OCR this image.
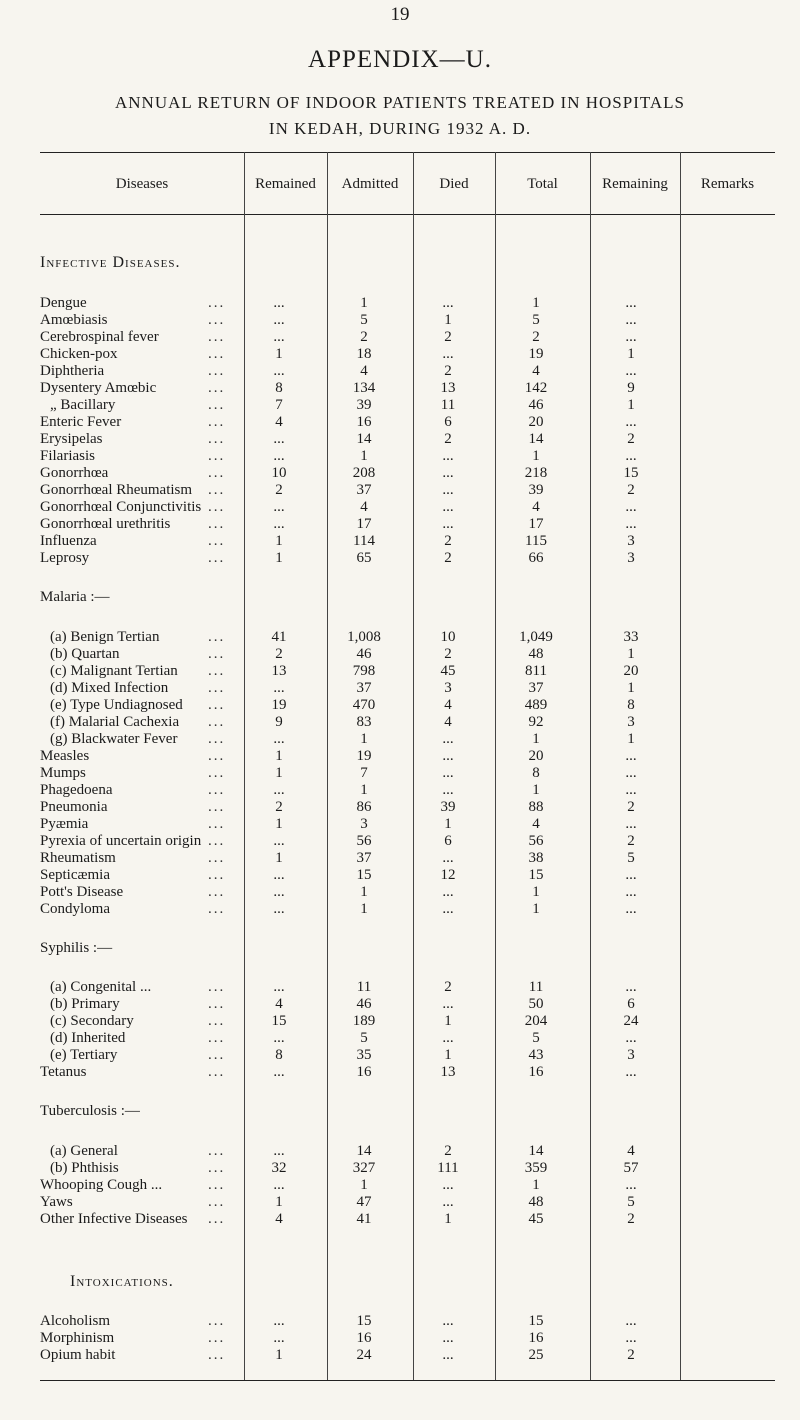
19
APPENDIX—U.
ANNUAL RETURN OF INDOOR PATIENTS TREATED IN HOSPITALS
IN KEDAH, DURING 1932 A. D.
Diseases	Remained	Admitted	Died	Total	Remaining	Remarks
Infective Diseases.
Dengue	...	...	1	...	1	...
Amœbiasis	...	...	5	1	5	...
Cerebrospinal fever	...	...	2	2	2	...
Chicken-pox	...	1	18	...	19	1
Diphtheria	...	...	4	2	4	...
Dysentery Amœbic	...	8	134	13	142	9
„ Bacillary	...	7	39	11	46	1
Enteric Fever	...	4	16	6	20	...
Erysipelas	...	...	14	2	14	2
Filariasis	...	...	1	...	1	...
Gonorrhœa	...	10	208	...	218	15
Gonorrhœal Rheumatism ...	2	37	...	39	2
Gonorrhœal Conjunctivitis ...	...	4	...	4	...
Gonorrhœal urethritis	...	...	17	...	17	...
Influenza	...	1	114	2	115	3
Leprosy	...	1	65	2	66	3
Malaria :—
(a) Benign Tertian	...	41	1,008	10	1,049	33
(b) Quartan	...	2	46	2	48	1
(c) Malignant Tertian ...	13	798	45	811	20
(d) Mixed Infection	...	...	37	3	37	1
(e) Type Undiagnosed ...	19	470	4	489	8
(f) Malarial Cachexia ...	9	83	4	92	3
(g) Blackwater Fever ...	...	1	...	1	1
Measles	...	1	19	...	20	...
Mumps	...	1	7	...	8	...
Phagedoena	...	...	1	...	1	...
Pneumonia	...	2	86	39	88	2
Pyæmia	...	1	3	1	4	...
Pyrexia of uncertain origin ...	...	56	6	56	2
Rheumatism	...	1	37	...	38	5
Septicæmia	...	...	15	12	15	...
Pott's Disease	...	...	1	...	1	...
Condyloma	...	...	1	...	1	...
Syphilis :—
(a) Congenital ...	...	...	11	2	11	...
(b) Primary	...	4	46	...	50	6
(c) Secondary	...	15	189	1	204	24
(d) Inherited	...	...	5	...	5	...
(e) Tertiary	...	8	35	1	43	3
Tetanus	...	...	16	13	16	...
Tuberculosis :—
(a) General	...	...	14	2	14	4
(b) Phthisis	...	32	327	111	359	57
Whooping Cough ...	...	...	1	...	1	...
Yaws	...	1	47	...	48	5
Other Infective Diseases ...	4	41	1	45	2
Intoxications.
Alcoholism	...	...	15	...	15	...
Morphinism	...	...	16	...	16	...
Opium habit	...	1	24	...	25	2
